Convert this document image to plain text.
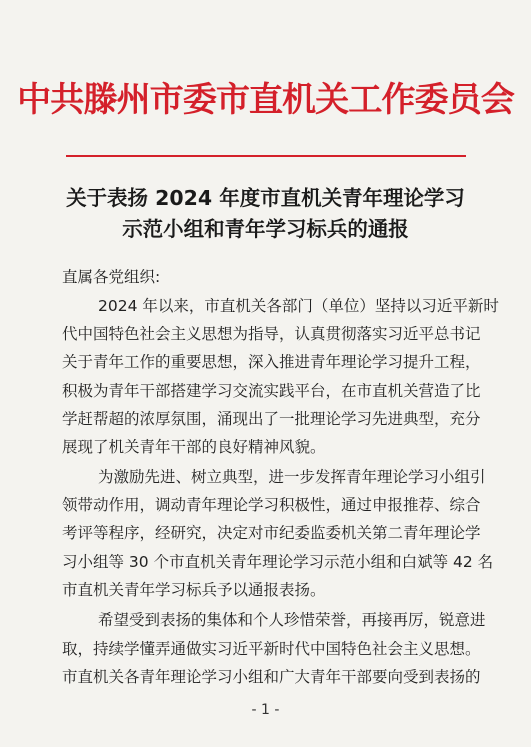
中共滕州市委市直机关工作委员会
关于表扬 2024 年度市直机关青年理论学习
示范小组和青年学习标兵的通报
直属各党组织:
2024 年以来，市直机关各部门（单位）坚持以习近平新时
代中国特色社会主义思想为指导，认真贯彻落实习近平总书记
关于青年工作的重要思想，深入推进青年理论学习提升工程，
积极为青年干部搭建学习交流实践平台，在市直机关营造了比
学赶帮超的浓厚氛围，涌现出了一批理论学习先进典型，充分
展现了机关青年干部的良好精神风貌。
为激励先进、树立典型，进一步发挥青年理论学习小组引
领带动作用，调动青年理论学习积极性，通过申报推荐、综合
考评等程序，经研究，决定对市纪委监委机关第二青年理论学
习小组等 30 个市直机关青年理论学习示范小组和白斌等 42 名
市直机关青年学习标兵予以通报表扬。
希望受到表扬的集体和个人珍惜荣誉，再接再厉，锐意进
取，持续学懂弄通做实习近平新时代中国特色社会主义思想。
市直机关各青年理论学习小组和广大青年干部要向受到表扬的
- 1 -
